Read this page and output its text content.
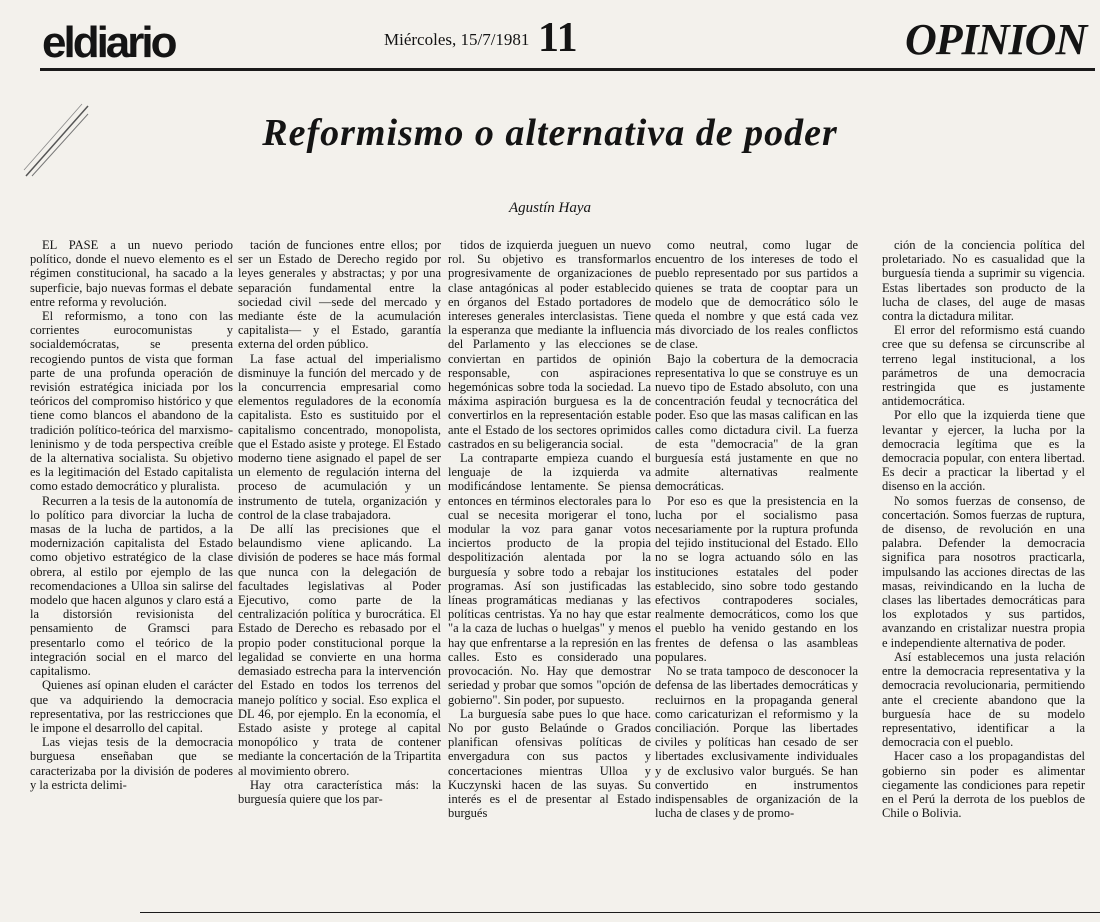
eldiario	Miércoles, 15/7/1981 11	OPINION
Reformismo o alternativa de poder
Agustín Haya

EL PASE a un nuevo periodo político, donde el nuevo elemento es el régimen constitucional, ha sacado a la superficie, bajo nuevas formas el debate entre reforma y revolución.

El reformismo, a tono con las corrientes eurocomunistas y socialdemócratas, se presenta recogiendo puntos de vista que forman parte de una profunda operación de revisión estratégica iniciada por los teóricos del compromiso histórico y que tiene como blancos el abandono de la tradición político-teórica del marxismo-leninismo y de toda perspectiva creíble de la alternativa socialista. Su objetivo es la legitimación del Estado capitalista como estado democrático y pluralista.

Recurren a la tesis de la autonomía de lo político para divorciar la lucha de masas de la lucha de partidos, a la modernización capitalista del Estado como objetivo estratégico de la clase obrera, al estilo por ejemplo de las recomendaciones a Ulloa sin salirse del modelo que hacen algunos y claro está a la distorsión revisionista del pensamiento de Gramsci para presentarlo como el teórico de la integración social en el marco del capitalismo.

Quienes así opinan eluden el carácter que va adquiriendo la democracia representativa, por las restricciones que le impone el desarrollo del capital.

Las viejas tesis de la democracia burguesa enseñaban que se caracterizaba por la división de poderes y la estricta delimi-

tación de funciones entre ellos; por ser un Estado de Derecho regido por leyes generales y abstractas; y por una separación fundamental entre la sociedad civil —sede del mercado y mediante éste de la acumulación capitalista— y el Estado, garantía externa del orden público.

La fase actual del imperialismo disminuye la función del mercado y de la concurrencia empresarial como elementos reguladores de la economía capitalista. Esto es sustituido por el capitalismo concentrado, monopolista, que el Estado asiste y protege. El Estado moderno tiene asignado el papel de ser un elemento de regulación interna del proceso de acumulación y un instrumento de tutela, organización y control de la clase trabajadora.

De allí las precisiones que el belaundismo viene aplicando. La división de poderes se hace más formal que nunca con la delegación de facultades legislativas al Poder Ejecutivo, como parte de la centralización política y burocrática. El Estado de Derecho es rebasado por el propio poder constitucional porque la legalidad se convierte en una horma demasiado estrecha para la intervención del Estado en todos los terrenos del manejo político y social. Eso explica el DL 46, por ejemplo. En la economía, el Estado asiste y protege al capital monopólico y trata de contener mediante la concertación de la Tripartita al movimiento obrero.

Hay otra característica más: la burguesía quiere que los par-

tidos de izquierda jueguen un nuevo rol. Su objetivo es transformarlos progresivamente de organizaciones de clase antagónicas al poder establecido en órganos del Estado portadores de intereses generales interclasistas. Tiene la esperanza que mediante la influencia del Parlamento y las elecciones se conviertan en partidos de opinión responsable, con aspiraciones hegemónicas sobre toda la sociedad. La máxima aspiración burguesa es la de convertirlos en la representación estable ante el Estado de los sectores oprimidos castrados en su beligerancia social.

La contraparte empieza cuando el lenguaje de la izquierda va modificándose lentamente. Se piensa entonces en términos electorales para lo cual se necesita morigerar el tono, modular la voz para ganar votos inciertos producto de la propia despolitización alentada por la burguesía y sobre todo a rebajar los programas. Así son justificadas las líneas programáticas medianas y las políticas centristas. Ya no hay que estar "a la caza de luchas o huelgas" y menos hay que enfrentarse a la represión en las calles. Esto es considerado una provocación. No. Hay que demostrar seriedad y probar que somos "opción de gobierno". Sin poder, por supuesto.

La burguesía sabe pues lo que hace. No por gusto Belaúnde o Grados planifican ofensivas políticas de envergadura con sus pactos y concertaciones mientras Ulloa y Kuczynski hacen de las suyas. Su interés es el de presentar al Estado burgués

como neutral, como lugar de encuentro de los intereses de todo el pueblo representado por sus partidos a quienes se trata de cooptar para un modelo que de democrático sólo le queda el nombre y que está cada vez más divorciado de los reales conflictos de clase.

Bajo la cobertura de la democracia representativa lo que se construye es un nuevo tipo de Estado absoluto, con una concentración feudal y tecnocrática del poder. Eso que las masas califican en las calles como dictadura civil. La fuerza de esta "democracia" de la gran burguesía está justamente en que no admite alternativas realmente democráticas.

Por eso es que la presistencia en la lucha por el socialismo pasa necesariamente por la ruptura profunda del tejido institucional del Estado. Ello no se logra actuando sólo en las instituciones estatales del poder establecido, sino sobre todo gestando efectivos contrapoderes sociales, realmente democráticos, como los que el pueblo ha venido gestando en los frentes de defensa o las asambleas populares.

No se trata tampoco de desconocer la defensa de las libertades democráticas y recluirnos en la propaganda general como caricaturizan el reformismo y la conciliación. Porque las libertades civiles y políticas han cesado de ser libertades exclusivamente individuales y de exclusivo valor burgués. Se han convertido en instrumentos indispensables de organización de la lucha de clases y de promo-

ción de la conciencia política del proletariado. No es casualidad que la burguesía tienda a suprimir su vigencia. Estas libertades son producto de la lucha de clases, del auge de masas contra la dictadura militar.

El error del reformismo está cuando cree que su defensa se circunscribe al terreno legal institucional, a los parámetros de una democracia restringida que es justamente antidemocrática.

Por ello que la izquierda tiene que levantar y ejercer, la lucha por la democracia legítima que es la democracia popular, con entera libertad. Es decir a practicar la libertad y el disenso en la acción.

No somos fuerzas de consenso, de concertación. Somos fuerzas de ruptura, de disenso, de revolución en una palabra. Defender la democracia significa para nosotros practicarla, impulsando las acciones directas de las masas, reivindicando en la lucha de clases las libertades democráticas para los explotados y sus partidos, avanzando en cristalizar nuestra propia e independiente alternativa de poder.

Así establecemos una justa relación entre la democracia representativa y la democracia revolucionaria, permitiendo ante el creciente abandono que la burguesía hace de su modelo representativo, identificar a la democracia con el pueblo.

Hacer caso a los propagandistas del gobierno sin poder es alimentar ciegamente las condiciones para repetir en el Perú la derrota de los pueblos de Chile o Bolivia.
